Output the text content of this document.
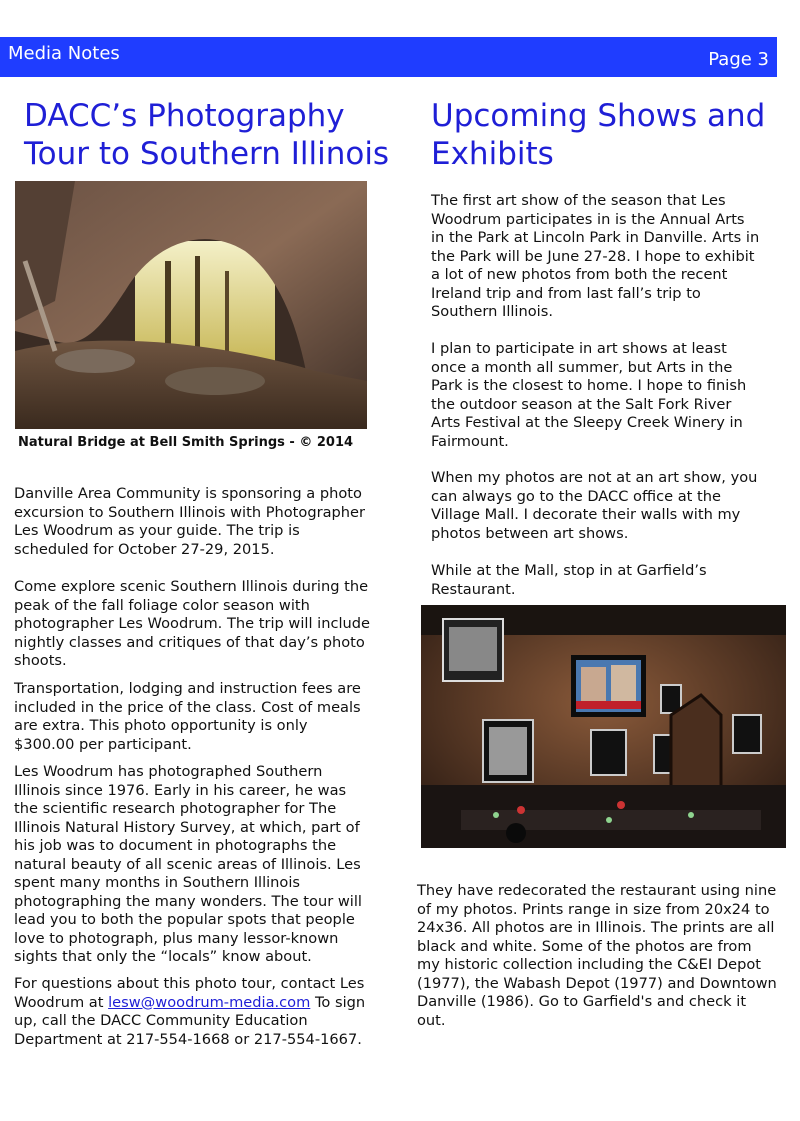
Media Notes	Page 3
DACC’s Photography
Tour to Southern Illinois
Natural Bridge at Bell Smith Springs - © 2014

Danville Area Community is sponsoring a photo excursion to Southern Illinois with Photographer Les Woodrum as your guide. The trip is scheduled for October 27-29, 2015.

Come explore scenic Southern Illinois during the peak of the fall foliage color season with photographer Les Woodrum. The trip will include nightly classes and critiques of that day’s photo shoots.

Transportation, lodging and instruction fees are included in the price of the class. Cost of meals are extra. This photo opportunity is only $300.00 per participant.

Les Woodrum has photographed Southern Illinois since 1976. Early in his career, he was the scientific research photographer for The Illinois Natural History Survey, at which, part of his job was to document in photographs the natural beauty of all scenic areas of Illinois. Les spent many months in Southern Illinois photographing the many wonders. The tour will lead you to both the popular spots that people love to photograph, plus many lessor-known sights that only the “locals” know about.

For questions about this photo tour, contact Les Woodrum at lesw@woodrum-media.com To sign up, call the DACC Community Education Department at 217-554-1668 or 217-554-1667.

Upcoming Shows and
Exhibits

The first art show of the season that Les Woodrum participates in is the Annual Arts in the Park at Lincoln Park in Danville. Arts in the Park will be June 27-28. I hope to exhibit a lot of new photos from both the recent Ireland trip and from last fall’s trip to Southern Illinois.

I plan to participate in art shows at least once a month all summer, but Arts in the Park is the closest to home. I hope to finish the outdoor season at the Salt Fork River Arts Festival at the Sleepy Creek Winery in Fairmount.

When my photos are not at an art show, you can always go to the DACC office at the Village Mall. I decorate their walls with my photos between art shows.

While at the Mall, stop in at Garfield’s Restaurant.

They have redecorated the restaurant using nine of my photos. Prints range in size from 20x24 to 24x36. All photos are in Illinois. The prints are all black and white. Some of the photos are from my historic collection including the C&EI Depot (1977), the Wabash Depot (1977) and Downtown Danville (1986). Go to Garfield's and check it out.
